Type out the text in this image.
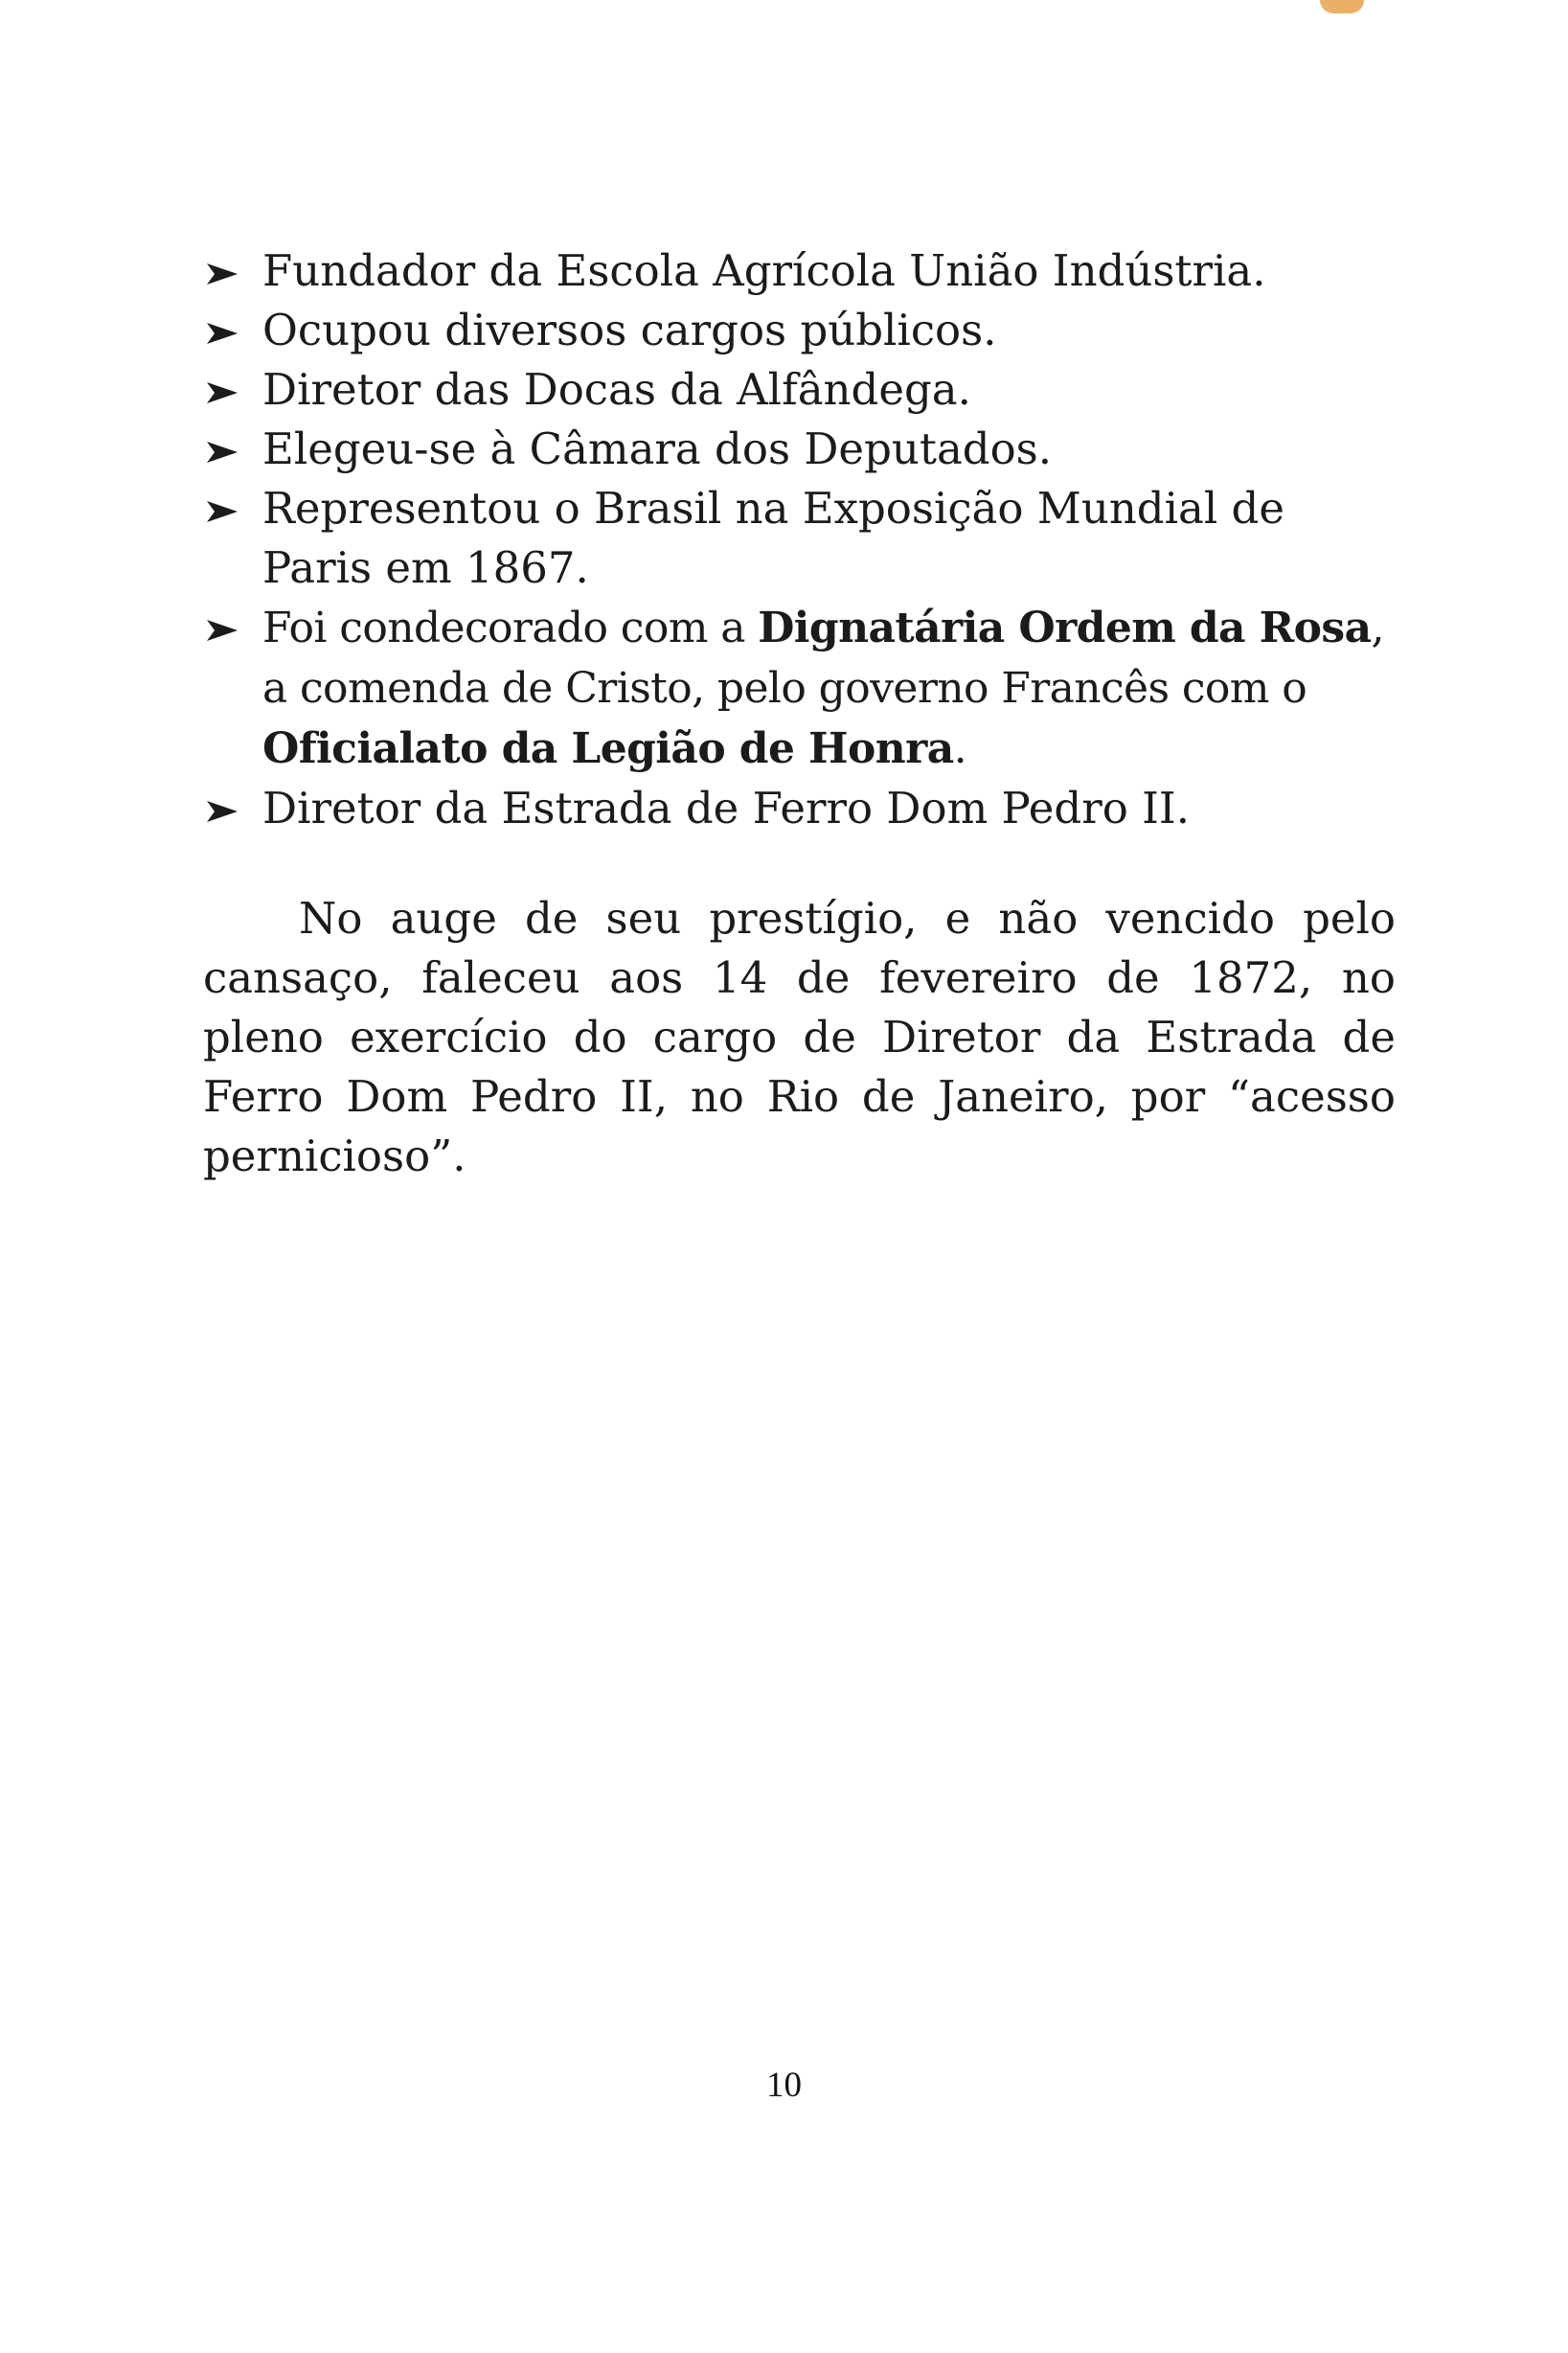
Fundador da Escola Agrícola União Indústria.
Ocupou diversos cargos públicos.
Diretor das Docas da Alfândega.
Elegeu-se à Câmara dos Deputados.
Representou o Brasil na Exposição Mundial de Paris em 1867.
Foi condecorado com a Dignatária Ordem da Rosa, a comenda de Cristo, pelo governo Francês com o Oficialato da Legião de Honra.
Diretor da Estrada de Ferro Dom Pedro II.

No auge de seu prestígio, e não vencido pelo cansaço, faleceu aos 14 de fevereiro de 1872, no pleno exercício do cargo de Diretor da Estrada de Ferro Dom Pedro II, no Rio de Janeiro, por “acesso pernicioso”.

10
